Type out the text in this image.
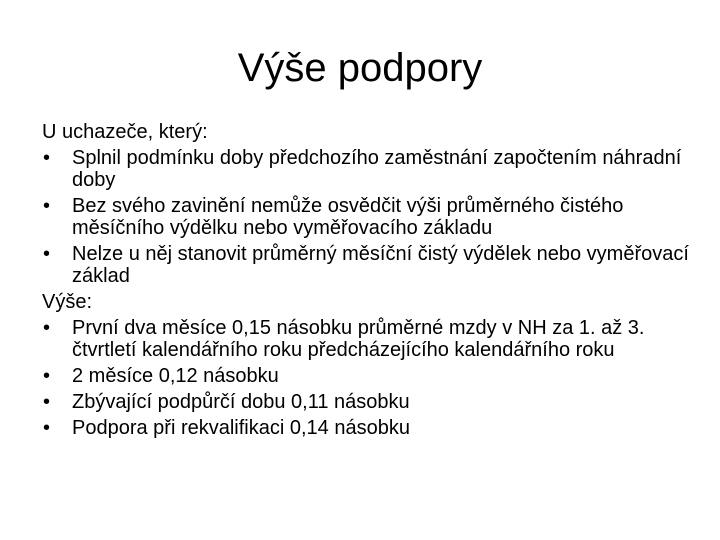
Výše podpory

U uchazeče, který:

• Splnil podmínku doby předchozího zaměstnání započtením náhradní doby
• Bez svého zavinění nemůže osvědčit výši průměrného čistého měsíčního výdělku nebo vyměřovacího základu
• Nelze u něj stanovit průměrný měsíční čistý výdělek nebo vyměřovací základ

Výše:

• První dva měsíce 0,15 násobku průměrné mzdy v NH za 1. až 3. čtvrtletí kalendářního roku předcházejícího kalendářního roku
• 2 měsíce 0,12 násobku
• Zbývající podpůrčí dobu 0,11 násobku
• Podpora při rekvalifikaci 0,14 násobku
